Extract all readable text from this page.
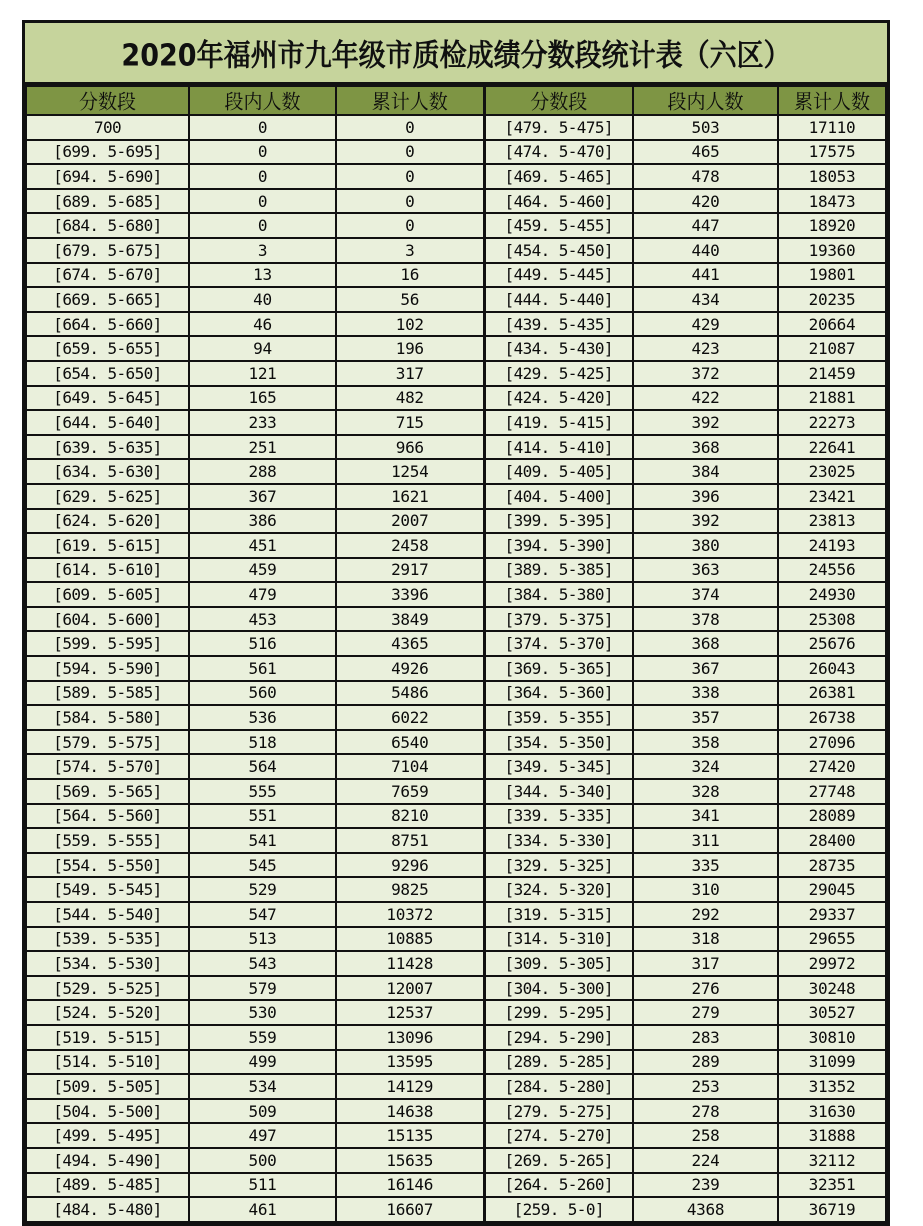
2020年福州市九年级市质检成绩分数段统计表（六区）
分数段	段内人数	累计人数	分数段	段内人数	累计人数
700	0	0	[479. 5-475]	503	17110
[699. 5-695]	0	0	[474. 5-470]	465	17575
[694. 5-690]	0	0	[469. 5-465]	478	18053
[689. 5-685]	0	0	[464. 5-460]	420	18473
[684. 5-680]	0	0	[459. 5-455]	447	18920
[679. 5-675]	3	3	[454. 5-450]	440	19360
[674. 5-670]	13	16	[449. 5-445]	441	19801
[669. 5-665]	40	56	[444. 5-440]	434	20235
[664. 5-660]	46	102	[439. 5-435]	429	20664
[659. 5-655]	94	196	[434. 5-430]	423	21087
[654. 5-650]	121	317	[429. 5-425]	372	21459
[649. 5-645]	165	482	[424. 5-420]	422	21881
[644. 5-640]	233	715	[419. 5-415]	392	22273
[639. 5-635]	251	966	[414. 5-410]	368	22641
[634. 5-630]	288	1254	[409. 5-405]	384	23025
[629. 5-625]	367	1621	[404. 5-400]	396	23421
[624. 5-620]	386	2007	[399. 5-395]	392	23813
[619. 5-615]	451	2458	[394. 5-390]	380	24193
[614. 5-610]	459	2917	[389. 5-385]	363	24556
[609. 5-605]	479	3396	[384. 5-380]	374	24930
[604. 5-600]	453	3849	[379. 5-375]	378	25308
[599. 5-595]	516	4365	[374. 5-370]	368	25676
[594. 5-590]	561	4926	[369. 5-365]	367	26043
[589. 5-585]	560	5486	[364. 5-360]	338	26381
[584. 5-580]	536	6022	[359. 5-355]	357	26738
[579. 5-575]	518	6540	[354. 5-350]	358	27096
[574. 5-570]	564	7104	[349. 5-345]	324	27420
[569. 5-565]	555	7659	[344. 5-340]	328	27748
[564. 5-560]	551	8210	[339. 5-335]	341	28089
[559. 5-555]	541	8751	[334. 5-330]	311	28400
[554. 5-550]	545	9296	[329. 5-325]	335	28735
[549. 5-545]	529	9825	[324. 5-320]	310	29045
[544. 5-540]	547	10372	[319. 5-315]	292	29337
[539. 5-535]	513	10885	[314. 5-310]	318	29655
[534. 5-530]	543	11428	[309. 5-305]	317	29972
[529. 5-525]	579	12007	[304. 5-300]	276	30248
[524. 5-520]	530	12537	[299. 5-295]	279	30527
[519. 5-515]	559	13096	[294. 5-290]	283	30810
[514. 5-510]	499	13595	[289. 5-285]	289	31099
[509. 5-505]	534	14129	[284. 5-280]	253	31352
[504. 5-500]	509	14638	[279. 5-275]	278	31630
[499. 5-495]	497	15135	[274. 5-270]	258	31888
[494. 5-490]	500	15635	[269. 5-265]	224	32112
[489. 5-485]	511	16146	[264. 5-260]	239	32351
[484. 5-480]	461	16607	[259. 5-0]	4368	36719
